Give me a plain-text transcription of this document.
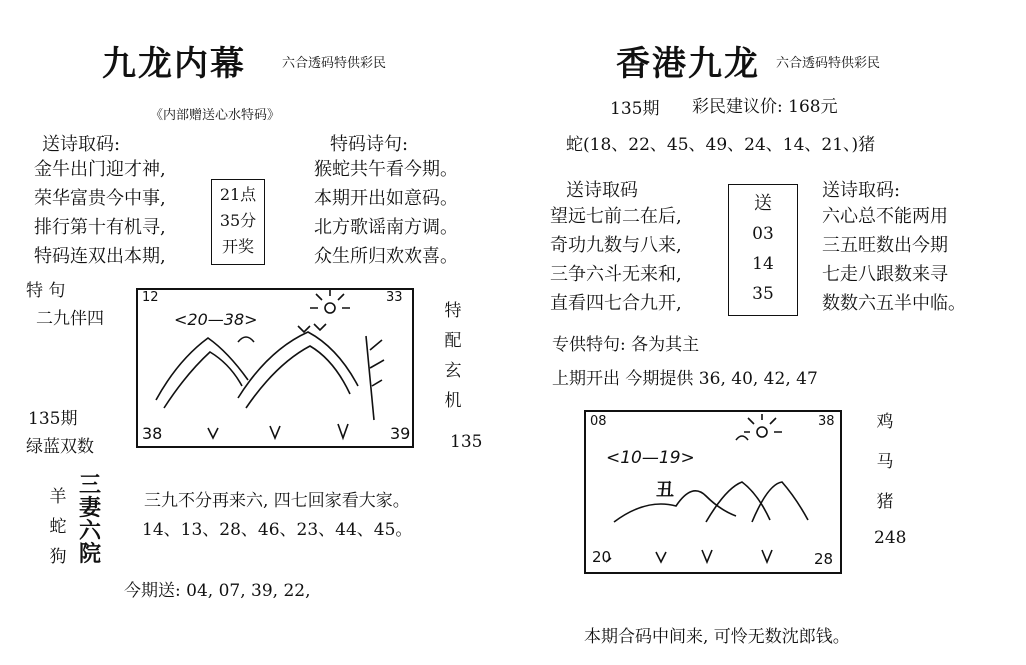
九龙内幕	六合透码特供彩民
《内部赠送心水特码》
送诗取码:	特码诗句:
金牛出门迎才神,
荣华富贵今中事,
排行第十有机寻,
特码连双出本期,
21点
35分
开奖
猴蛇共午看今期。
本期开出如意码。
北方歌谣南方调。
众生所归欢欢喜。
特 句
二九伴四
12	33
<20—38>
38	39
特
配
玄
机
135期
绿蓝双数	135
羊
蛇
狗
三
妻
六
院
三九不分再来六, 四七回家看大家。
14、13、28、46、23、44、45。
今期送: 04, 07, 39, 22,
香港九龙 六合透码特供彩民
135期 彩民建议价: 168元
蛇(18、22、45、49、24、14、21、)猪
送诗取码	送诗取码:
望远七前二在后,
奇功九数与八来,
三争六斗无来和,
直看四七合九开,
送
03
14
35
六心总不能两用
三五旺数出今期
七走八跟数来寻
数数六五半中临。
专供特句: 各为其主
上期开出 今期提供 36, 40, 42, 47
08	38
<10—19>
丑
20	28
鸡
马
猪
248
本期合码中间来, 可怜无数沈郎钱。
